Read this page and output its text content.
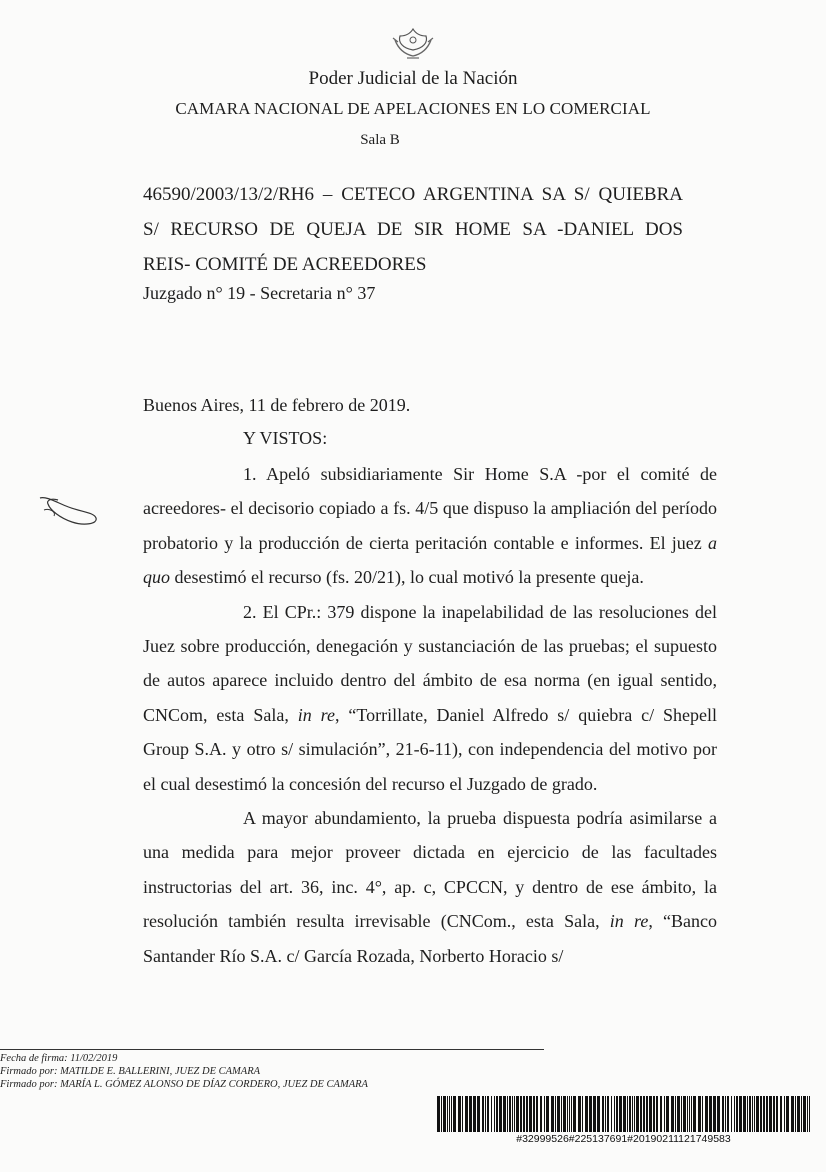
Poder Judicial de la Nación
CAMARA NACIONAL DE APELACIONES EN LO COMERCIAL
Sala B
46590/2003/13/2/RH6 – CETECO ARGENTINA SA S/ QUIEBRA
S/ RECURSO DE QUEJA DE SIR HOME SA -DANIEL DOS
REIS- COMITÉ DE ACREEDORES
Juzgado n° 19 - Secretaria n° 37
Buenos Aires, 11 de febrero de 2019.
Y VISTOS:

1. Apeló subsidiariamente Sir Home S.A -por el comité de acreedores- el decisorio copiado a fs. 4/5 que dispuso la ampliación del período probatorio y la producción de cierta peritación contable e informes. El juez a quo desestimó el recurso (fs. 20/21), lo cual motivó la presente queja.

2. El CPr.: 379 dispone la inapelabilidad de las resoluciones del Juez sobre producción, denegación y sustanciación de las pruebas; el supuesto de autos aparece incluido dentro del ámbito de esa norma (en igual sentido, CNCom, esta Sala, in re, “Torrillate, Daniel Alfredo s/ quiebra c/ Shepell Group S.A. y otro s/ simulación”, 21-6-11), con independencia del motivo por el cual desestimó la concesión del recurso el Juzgado de grado.

A mayor abundamiento, la prueba dispuesta podría asimilarse a una medida para mejor proveer dictada en ejercicio de las facultades instructorias del art. 36, inc. 4°, ap. c, CPCCN, y dentro de ese ámbito, la resolución también resulta irrevisable (CNCom., esta Sala, in re, “Banco Santander Río S.A. c/ García Rozada, Norberto Horacio s/

Fecha de firma: 11/02/2019
Firmado por: MATILDE E. BALLERINI, JUEZ DE CAMARA
Firmado por: MARÍA L. GÓMEZ ALONSO DE DÍAZ CORDERO, JUEZ DE CAMARA
#32999526#225137691#20190211121749583
